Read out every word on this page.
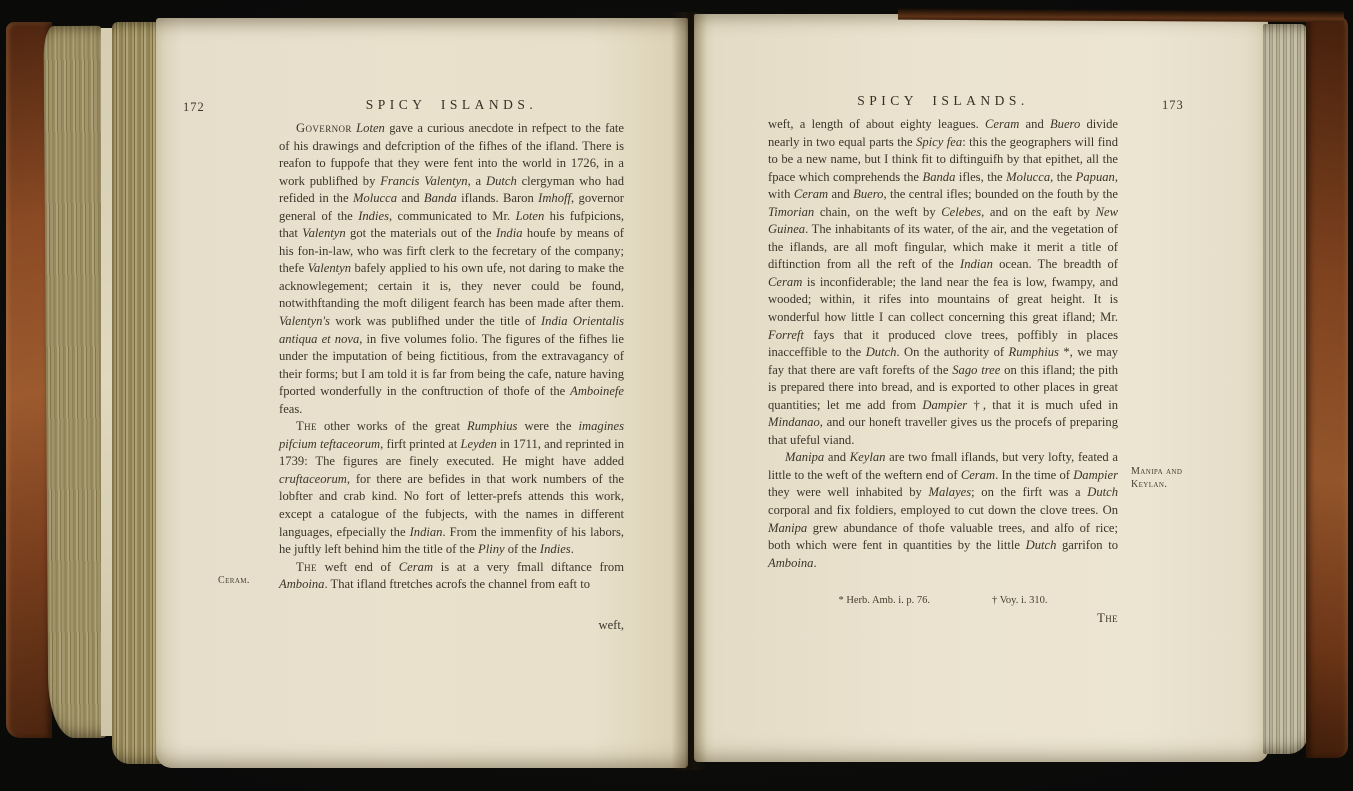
172	SPICY ISLANDS.

Governor Loten gave a curious anecdote in refpect to the fate of his drawings and defcription of the fifhes of the ifland. There is reafon to fuppofe that they were fent into the world in 1726, in a work publifhed by Francis Valentyn, a Dutch clergyman who had refided in the Molucca and Banda iflands. Baron Imhoff, governor general of the Indies, communicated to Mr. Loten his fufpicions, that Valentyn got the materials out of the India houfe by means of his fon-in-law, who was firft clerk to the fecretary of the company; thefe Valentyn bafely applied to his own ufe, not daring to make the acknowlegement; certain it is, they never could be found, notwithftanding the moft diligent fearch has been made after them. Valentyn's work was publifhed under the title of India Orientalis antiqua et nova, in five volumes folio. The figures of the fifhes lie under the imputation of being fictitious, from the extravagancy of their forms; but I am told it is far from being the cafe, nature having fported wonderfully in the conftruction of thofe of the Amboinefe feas.

The other works of the great Rumphius were the imagines pifcium teftaceorum, firft printed at Leyden in 1711, and reprinted in 1739: The figures are finely executed. He might have added cruftaceorum, for there are befides in that work numbers of the lobfter and crab kind. No fort of letter-prefs attends this work, except a catalogue of the fubjects, with the names in different languages, efpecially the Indian. From the immenfity of his labors, he juftly left behind him the title of the Pliny of the Indies.

The weft end of Ceram is at a very fmall diftance from Amboina. That ifland ftretches acrofs the channel from eaft to

Ceram.
weft,
SPICY ISLANDS.	173

weft, a length of about eighty leagues. Ceram and Buero divide nearly in two equal parts the Spicy fea: this the geographers will find to be a new name, but I think fit to diftinguifh by that epithet, all the fpace which comprehends the Banda ifles, the Molucca, the Papuan, with Ceram and Buero, the central ifles; bounded on the fouth by the Timorian chain, on the weft by Celebes, and on the eaft by New Guinea. The inhabitants of its water, of the air, and the vegetation of the iflands, are all moft fingular, which make it merit a title of diftinction from all the reft of the Indian ocean. The breadth of Ceram is inconfiderable; the land near the fea is low, fwampy, and wooded; within, it rifes into mountains of great height. It is wonderful how little I can collect concerning this great ifland; Mr. Forreft fays that it produced clove trees, poffibly in places inacceffible to the Dutch. On the authority of Rumphius *, we may fay that there are vaft forefts of the Sago tree on this ifland; the pith is prepared there into bread, and is exported to other places in great quantities; let me add from Dampier †, that it is much ufed in Mindanao, and our honeft traveller gives us the procefs of preparing that ufeful viand.

Manipa and Keylan are two fmall iflands, but very lofty, feated a little to the weft of the weftern end of Ceram. In the time of Dampier they were well inhabited by Malayes; on the firft was a Dutch corporal and fix foldiers, employed to cut down the clove trees. On Manipa grew abundance of thofe valuable trees, and alfo of rice; both which were fent in quantities by the little Dutch garrifon to Amboina.

Manipa and Keylan.
* Herb. Amb. i. p. 76.	† Voy. i. 310.
The
